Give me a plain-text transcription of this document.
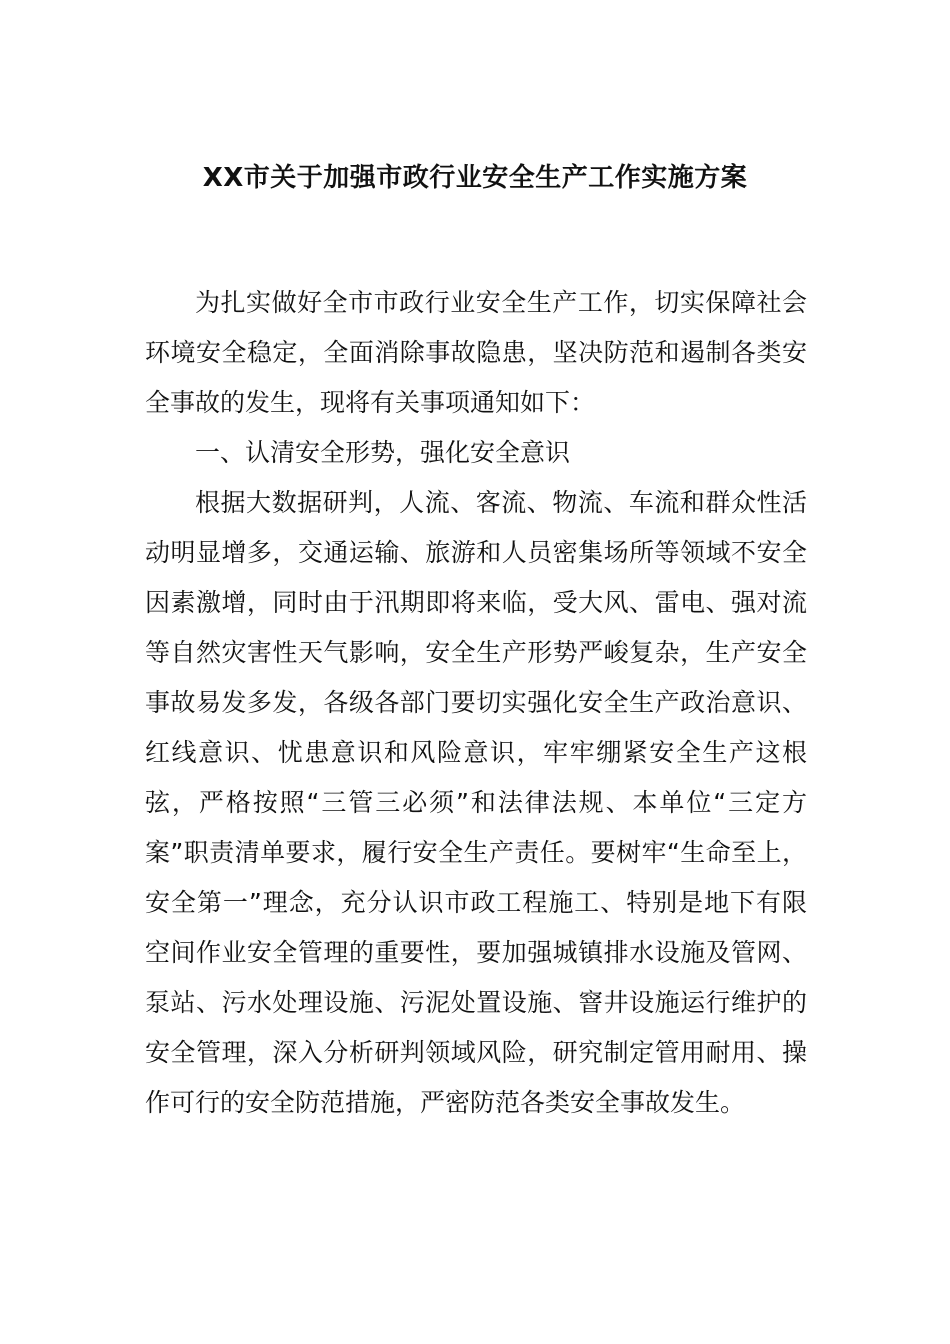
XX市关于加强市政行业安全生产工作实施方案

为扎实做好全市市政行业安全生产工作，切实保障社会环境安全稳定，全面消除事故隐患，坚决防范和遏制各类安全事故的发生，现将有关事项通知如下：

一、认清安全形势，强化安全意识

根据大数据研判，人流、客流、物流、车流和群众性活动明显增多，交通运输、旅游和人员密集场所等领域不安全因素激增，同时由于汛期即将来临，受大风、雷电、强对流等自然灾害性天气影响，安全生产形势严峻复杂，生产安全事故易发多发，各级各部门要切实强化安全生产政治意识、红线意识、忧患意识和风险意识，牢牢绷紧安全生产这根弦，严格按照“三管三必须”和法律法规、本单位“三定方案”职责清单要求，履行安全生产责任。要树牢“生命至上，安全第一”理念，充分认识市政工程施工、特别是地下有限空间作业安全管理的重要性，要加强城镇排水设施及管网、泵站、污水处理设施、污泥处置设施、窨井设施运行维护的安全管理，深入分析研判领域风险，研究制定管用耐用、操作可行的安全防范措施，严密防范各类安全事故发生。
